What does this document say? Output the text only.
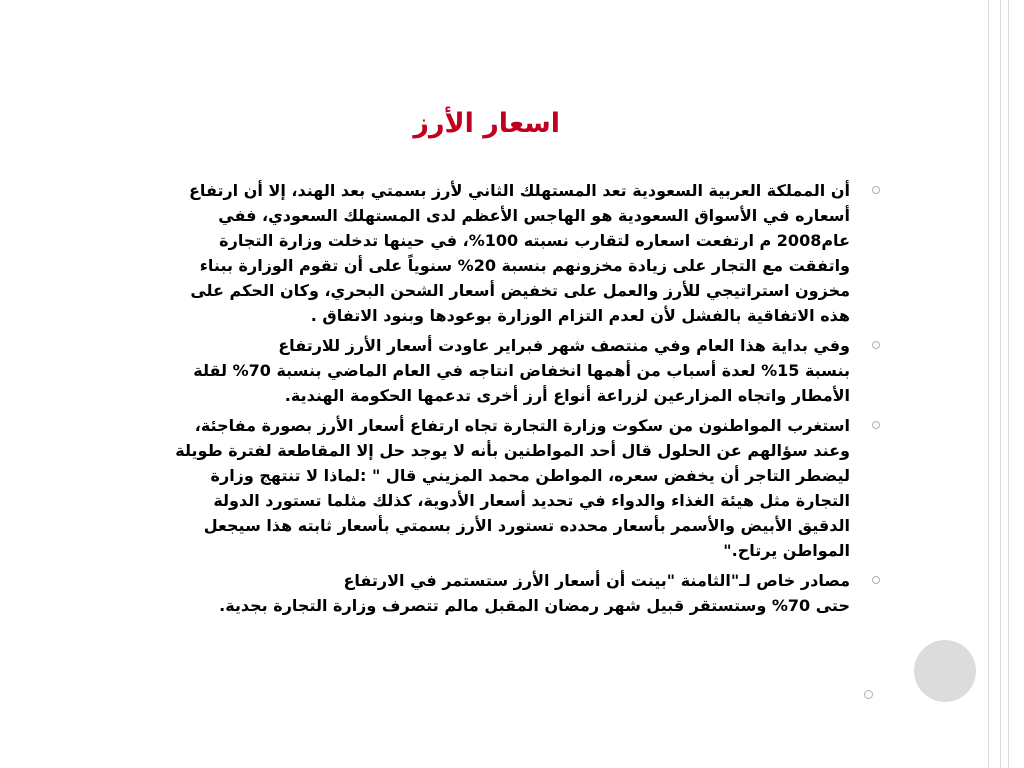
اسعار الأرز
أن المملكة العربية السعودية تعد المستهلك الثاني لأرز بسمتي بعد الهند، إلا أن ارتفاع
أسعاره في الأسواق السعودية هو الهاجس الأعظم لدى المستهلك السعودي، ففي
عام2008 م ارتفعت اسعاره لتقارب نسبته 100%، في حينها تدخلت وزارة التجارة
واتفقت مع التجار على زيادة مخزونهم بنسبة 20% سنوياً على أن تقوم الوزارة ببناء
مخزون استراتيجي للأرز والعمل على تخفيض أسعار الشحن البحري، وكان الحكم على
هذه الاتفاقية بالفشل لأن لعدم التزام الوزارة بوعودها وبنود الاتفاق .
وفي بداية هذا العام وفي منتصف شهر فبراير عاودت أسعار الأرز للارتفاع
بنسبة 15% لعدة أسباب من أهمها انخفاض انتاجه في العام الماضي بنسبة 70% لقلة
الأمطار واتجاه المزارعين لزراعة أنواع أرز أخرى تدعمها الحكومة الهندية.
استغرب المواطنون من سكوت وزارة التجارة تجاه ارتفاع أسعار الأرز بصورة مفاجئة،
وعند سؤالهم عن الحلول قال أحد المواطنين بأنه لا يوجد حل إلا المقاطعة لفترة طويلة
ليضطر التاجر أن يخفض سعره، المواطن محمد المزيني قال " :لماذا لا تنتهج وزارة
التجارة مثل هيئة الغذاء والدواء في تحديد أسعار الأدوية، كذلك مثلما تستورد الدولة
الدقيق الأبيض والأسمر بأسعار محدده تستورد الأرز بسمتي بأسعار ثابته هذا سيجعل
المواطن يرتاح."
مصادر خاص لـ"الثامنة "بينت أن أسعار الأرز ستستمر في الارتفاع
حتى 70% وستستقر قبيل شهر رمضان المقبل مالم تتصرف وزارة التجارة بجدية.
